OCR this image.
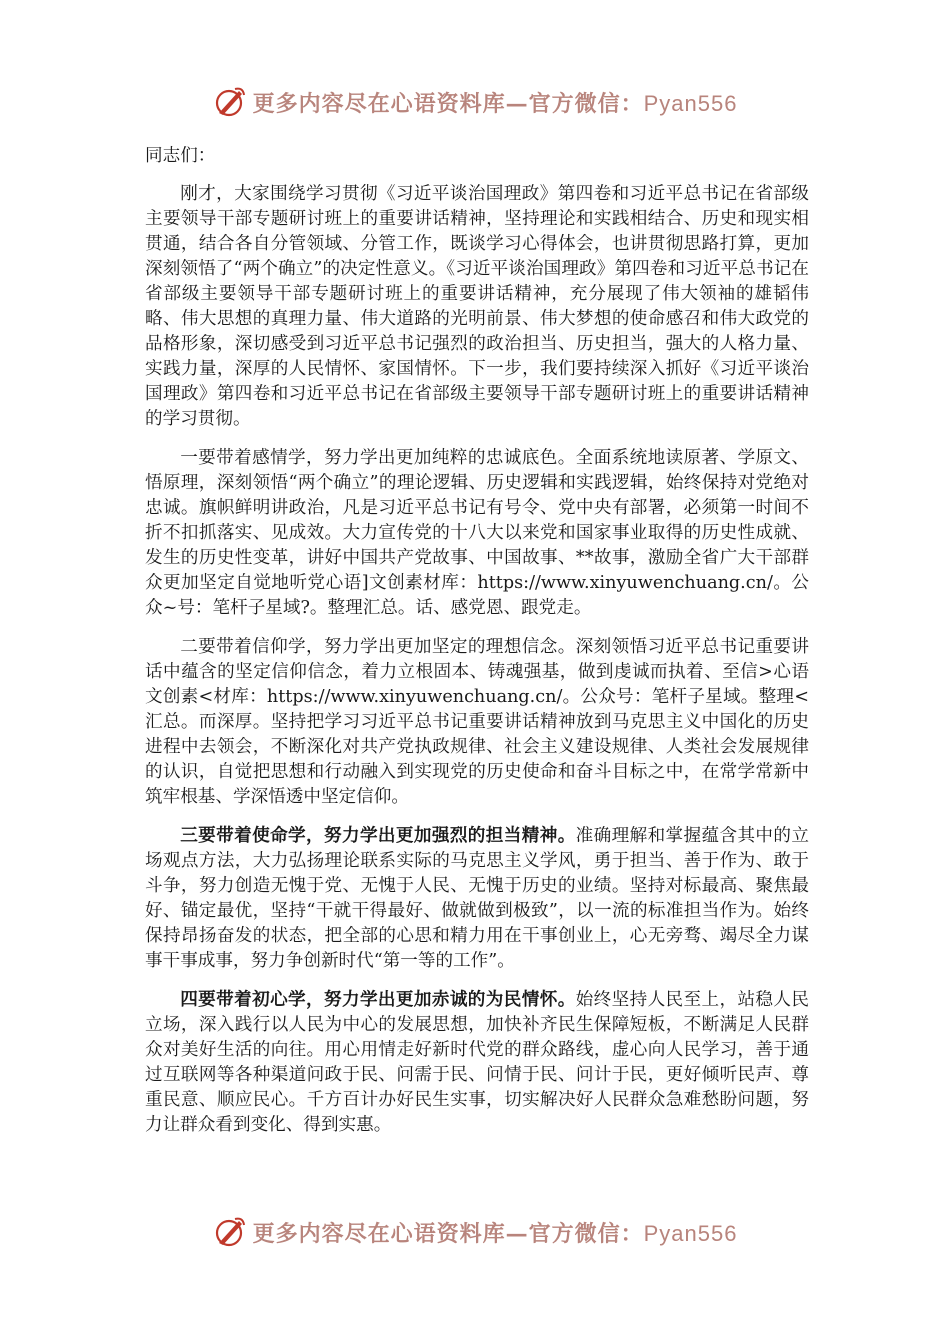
更多内容尽在心语资料库—官方微信：Pyan556

同志们：

刚才，大家围绕学习贯彻《习近平谈治国理政》第四卷和习近平总书记在省部级主要领导干部专题研讨班上的重要讲话精神，坚持理论和实践相结合、历史和现实相贯通，结合各自分管领域、分管工作，既谈学习心得体会，也讲贯彻思路打算，更加深刻领悟了“两个确立”的决定性意义。《习近平谈治国理政》第四卷和习近平总书记在省部级主要领导干部专题研讨班上的重要讲话精神，充分展现了伟大领袖的雄韬伟略、伟大思想的真理力量、伟大道路的光明前景、伟大梦想的使命感召和伟大政党的品格形象，深切感受到习近平总书记强烈的政治担当、历史担当，强大的人格力量、实践力量，深厚的人民情怀、家国情怀。下一步，我们要持续深入抓好《习近平谈治国理政》第四卷和习近平总书记在省部级主要领导干部专题研讨班上的重要讲话精神的学习贯彻。

一要带着感情学，努力学出更加纯粹的忠诚底色。全面系统地读原著、学原文、悟原理，深刻领悟“两个确立”的理论逻辑、历史逻辑和实践逻辑，始终保持对党绝对忠诚。旗帜鲜明讲政治，凡是习近平总书记有号令、党中央有部署，必须第一时间不折不扣抓落实、见成效。大力宣传党的十八大以来党和国家事业取得的历史性成就、发生的历史性变革，讲好中国共产党故事、中国故事、**故事，激励全省广大干部群众更加坚定自觉地听党心语]文创素材库：https://www.xinyuwenchuang.cn/。公众~号：笔杆子星域?。整理汇总。话、感党恩、跟党走。

二要带着信仰学，努力学出更加坚定的理想信念。深刻领悟习近平总书记重要讲话中蕴含的坚定信仰信念，着力立根固本、铸魂强基，做到虔诚而执着、至信>心语文创素<材库：https://www.xinyuwenchuang.cn/。公众号：笔杆子星域。整理<汇总。而深厚。坚持把学习习近平总书记重要讲话精神放到马克思主义中国化的历史进程中去领会，不断深化对共产党执政规律、社会主义建设规律、人类社会发展规律的认识，自觉把思想和行动融入到实现党的历史使命和奋斗目标之中，在常学常新中筑牢根基、学深悟透中坚定信仰。

三要带着使命学，努力学出更加强烈的担当精神。准确理解和掌握蕴含其中的立场观点方法，大力弘扬理论联系实际的马克思主义学风，勇于担当、善于作为、敢于斗争，努力创造无愧于党、无愧于人民、无愧于历史的业绩。坚持对标最高、聚焦最好、锚定最优，坚持“干就干得最好、做就做到极致”，以一流的标准担当作为。始终保持昂扬奋发的状态，把全部的心思和精力用在干事创业上，心无旁骛、竭尽全力谋事干事成事，努力争创新时代“第一等的工作”。

四要带着初心学，努力学出更加赤诚的为民情怀。始终坚持人民至上，站稳人民立场，深入践行以人民为中心的发展思想，加快补齐民生保障短板，不断满足人民群众对美好生活的向往。用心用情走好新时代党的群众路线，虚心向人民学习，善于通过互联网等各种渠道问政于民、问需于民、问情于民、问计于民，更好倾听民声、尊重民意、顺应民心。千方百计办好民生实事，切实解决好人民群众急难愁盼问题，努力让群众看到变化、得到实惠。

更多内容尽在心语资料库—官方微信：Pyan556
